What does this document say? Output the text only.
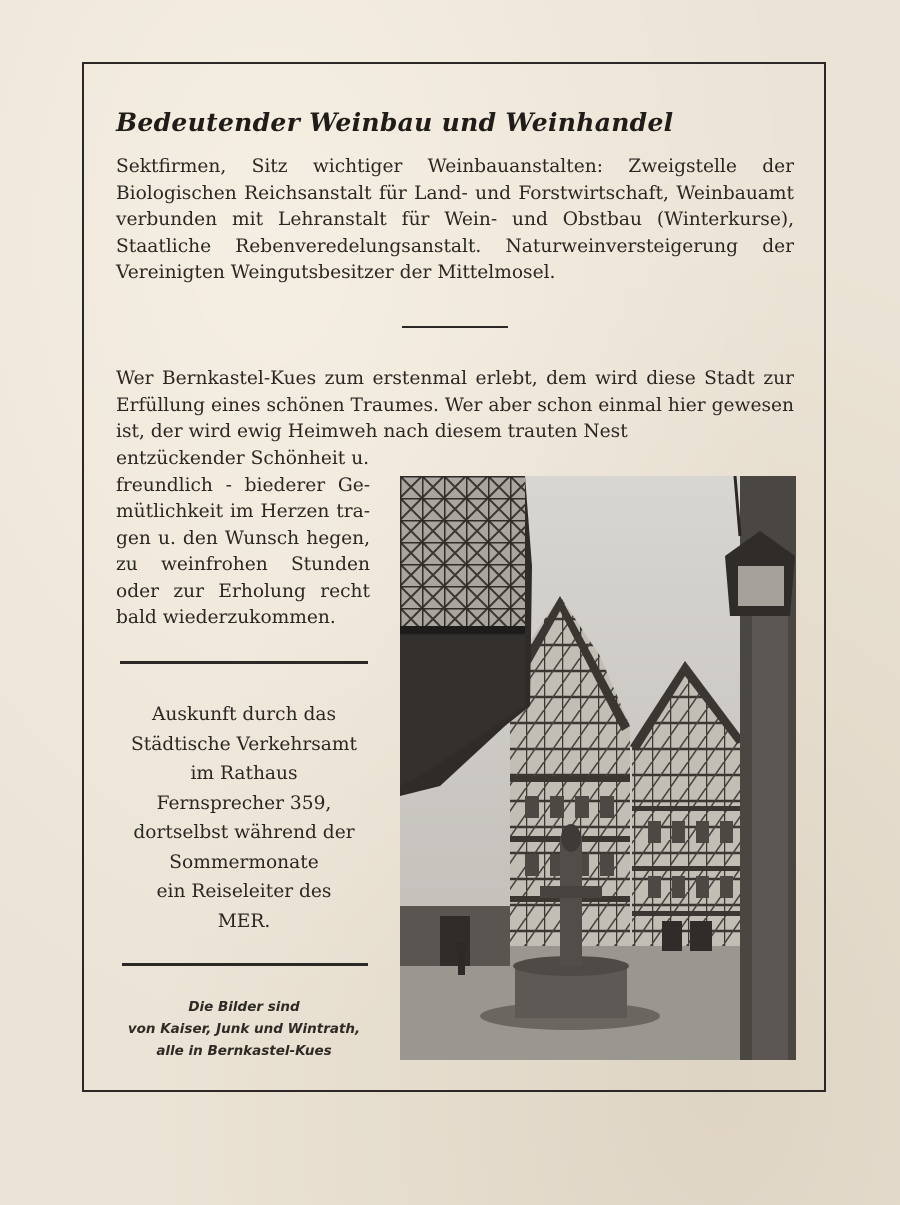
Bedeutender Weinbau und Weinhandel

Sektfirmen, Sitz wichtiger Weinbauanstalten: Zweigstelle der Biologischen Reichsanstalt für Land- und Forstwirtschaft, Weinbauamt verbunden mit Lehranstalt für Wein- und Obstbau (Winterkurse), Staatliche Rebenveredelungsanstalt. Naturweinversteigerung der Vereinigten Weingutsbesitzer der Mittelmosel.

Wer Bernkastel-Kues zum erstenmal erlebt, dem wird diese Stadt zur Erfüllung eines schönen Traumes. Wer aber schon einmal hier gewesen ist, der wird ewig Heimweh nach diesem trauten Nest

entzückender Schönheit u.
freundlich - biederer Ge-
mütlichkeit im Herzen tra-
gen u. den Wunsch hegen,
zu weinfrohen Stunden
oder zur Erholung recht
bald wiederzukommen.

Auskunft durch das
Städtische Verkehrsamt
im Rathaus
Fernsprecher 359,
dortselbst während der
Sommermonate
ein Reiseleiter des
MER.

Die Bilder sind
von Kaiser, Junk und Wintrath,
alle in Bernkastel-Kues
